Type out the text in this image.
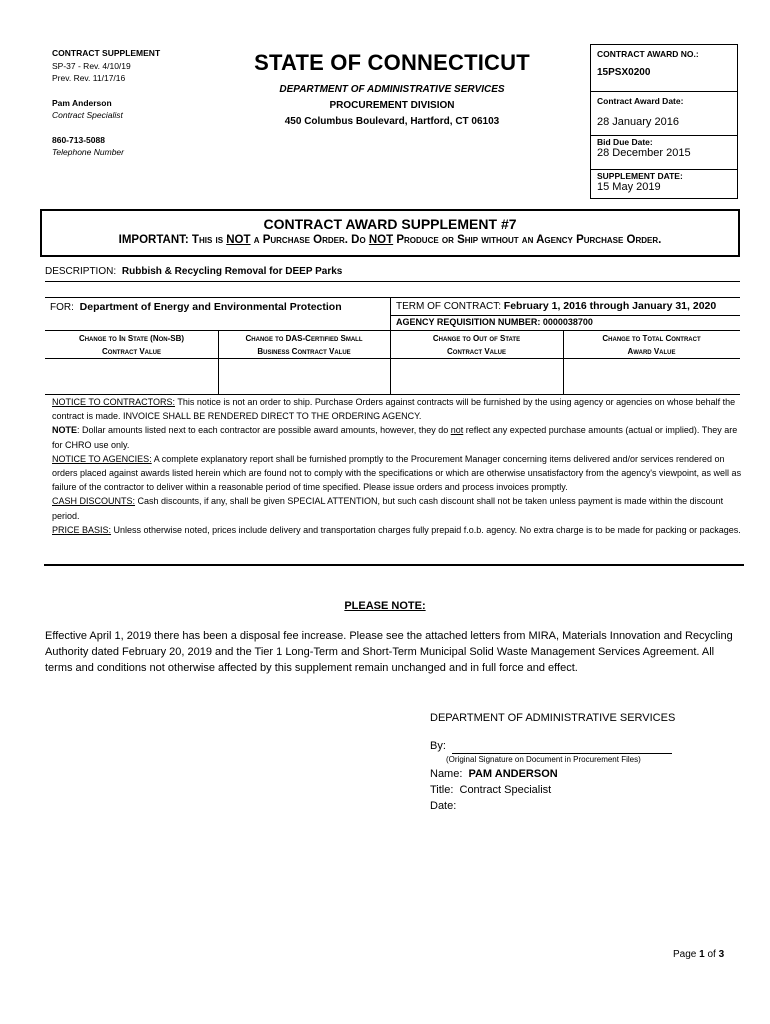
CONTRACT SUPPLEMENT
SP-37 - Rev. 4/10/19
Prev. Rev. 11/17/16
Pam Anderson
Contract Specialist
860-713-5088
Telephone Number
STATE OF CONNECTICUT
DEPARTMENT OF ADMINISTRATIVE SERVICES
PROCUREMENT DIVISION
450 Columbus Boulevard, Hartford, CT 06103
CONTRACT AWARD NO.:
15PSX0200
Contract Award Date:
28 January 2016
Bid Due Date:
28 December 2015
SUPPLEMENT DATE:
15 May 2019
CONTRACT AWARD SUPPLEMENT #7
IMPORTANT: This is NOT a Purchase Order. Do NOT Produce or Ship without an Agency Purchase Order.
DESCRIPTION: Rubbish & Recycling Removal for DEEP Parks
FOR: Department of Energy and Environmental Protection	TERM OF CONTRACT: February 1, 2016 through January 31, 2020
AGENCY REQUISITION NUMBER: 0000038700
Change to In State (Non-SB)
Contract Value
Change to DAS-Certified Small
Business Contract Value
Change to Out of State
Contract Value
Change to Total Contract
Award Value
NOTICE TO CONTRACTORS: This notice is not an order to ship. Purchase Orders against contracts will be furnished by the using agency or agencies on whose behalf the contract is made. INVOICE SHALL BE RENDERED DIRECT TO THE ORDERING AGENCY.
NOTE: Dollar amounts listed next to each contractor are possible award amounts, however, they do not reflect any expected purchase amounts (actual or implied). They are for CHRO use only.
NOTICE TO AGENCIES: A complete explanatory report shall be furnished promptly to the Procurement Manager concerning items delivered and/or services rendered on orders placed against awards listed herein which are found not to comply with the specifications or which are otherwise unsatisfactory from the agency's viewpoint, as well as failure of the contractor to deliver within a reasonable period of time specified. Please issue orders and process invoices promptly.
CASH DISCOUNTS: Cash discounts, if any, shall be given SPECIAL ATTENTION, but such cash discount shall not be taken unless payment is made within the discount period.
PRICE BASIS: Unless otherwise noted, prices include delivery and transportation charges fully prepaid f.o.b. agency. No extra charge is to be made for packing or packages.
PLEASE NOTE:
Effective April 1, 2019 there has been a disposal fee increase. Please see the attached letters from MIRA, Materials Innovation and Recycling Authority dated February 20, 2019 and the Tier 1 Long-Term and Short-Term Municipal Solid Waste Management Services Agreement. All terms and conditions not otherwise affected by this supplement remain unchanged and in full force and effect.
DEPARTMENT OF ADMINISTRATIVE SERVICES
By:
(Original Signature on Document in Procurement Files)
Name: PAM ANDERSON
Title: Contract Specialist
Date:
Page 1 of 3
